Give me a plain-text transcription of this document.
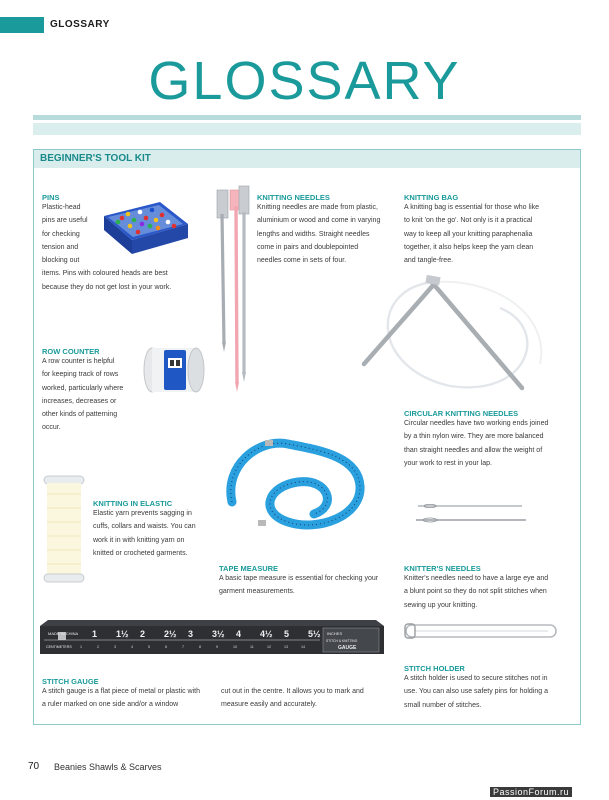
GLOSSARY
GLOSSARY
BEGINNER'S TOOL KIT
PINS
Plastic-head
pins are useful
for checking
tension and
blocking out
items. Pins with coloured heads are best
because they do not get lost in your work.
KNITTING NEEDLES
Knitting needles are made from plastic,
aluminium or wood and come in varying
lengths and widths. Straight needles
come in pairs and doublepointed
needles come in sets of four.
KNITTING BAG
A knitting bag is essential for those who like
to knit 'on the go'. Not only is it a practical
way to keep all your knitting paraphenalia
together, it also helps keep the yarn clean
and tangle-free.
ROW COUNTER
A row counter is helpful
for keeping track of rows
worked, particularly where
increases, decreases or
other kinds of patterning
occur.
CIRCULAR KNITTING NEEDLES
Circular needles have two working ends joined
by a thin nylon wire. They are more balanced
than straight needles and allow the weight of
your work to rest in your lap.
KNITTING IN ELASTIC
Elastic yarn prevents sagging in
cuffs, collars and waists. You can
work it in with knitting yarn on
knitted or crocheted garments.
TAPE MEASURE
A basic tape measure is essential for checking your
garment measurements.
KNITTER'S NEEDLES
Knitter's needles need to have a large eye and
a blunt point so they do not split stitches when
sewing up your knitting.
MADE IN CHINA
CENTIMETERS
INCHES
STITCH & KNITTING
GAUGE
1 1½ 2 2½ 3 3½ 4 4½ 5 5½
1	2	3	4	5	6	7	8	9	10	11	12	13	14
STITCH GAUGE
A stitch gauge is a flat piece of metal or plastic with
a ruler marked on one side and/or a window
cut out in the centre. It allows you to mark and
measure easily and accurately.
STITCH HOLDER
A stitch holder is used to secure stitches not in
use. You can also use safety pins for holding a
small number of stitches.
70 Beanies Shawls & Scarves
PassionForum.ru
